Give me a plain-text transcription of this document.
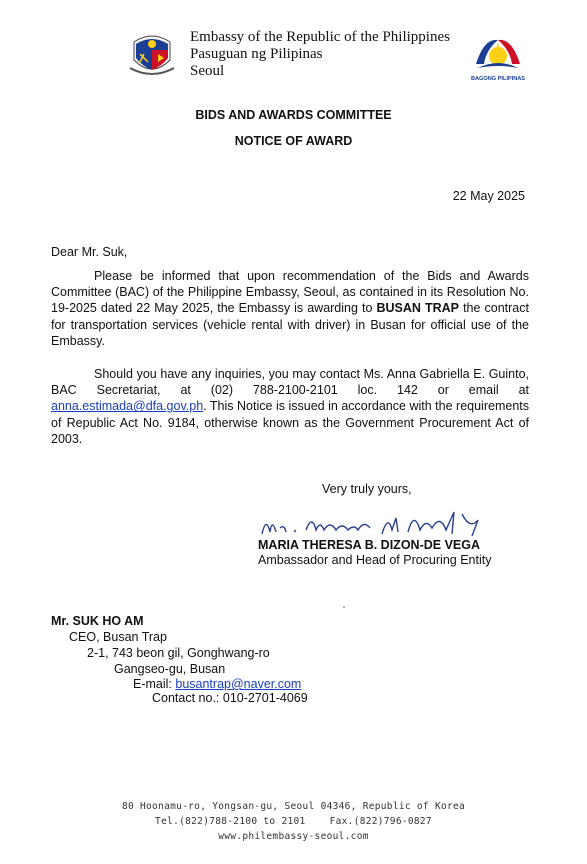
Embassy of the Republic of the Philippines
Pasuguan ng Pilipinas
Seoul	BAGONG PILIPINAS
BIDS AND AWARDS COMMITTEE
NOTICE OF AWARD
22 May 2025
Dear Mr. Suk,
Please be informed that upon recommendation of the Bids and Awards Committee (BAC) of the Philippine Embassy, Seoul, as contained in its Resolution No. 19-2025 dated 22 May 2025, the Embassy is awarding to BUSAN TRAP the contract for transportation services (vehicle rental with driver) in Busan for official use of the Embassy.
Should you have any inquiries, you may contact Ms. Anna Gabriella E. Guinto, BAC Secretariat, at (02) 788-2100-2101 loc. 142 or email at anna.estimada@dfa.gov.ph. This Notice is issued in accordance with the requirements of Republic Act No. 9184, otherwise known as the Government Procurement Act of 2003.
Very truly yours,
MARIA THERESA B. DIZON-DE VEGA
Ambassador and Head of Procuring Entity
Mr. SUK HO AM
CEO, Busan Trap
2-1, 743 beon gil, Gonghwang-ro
Gangseo-gu, Busan
E-mail: busantrap@naver.com
Contact no.: 010-2701-4069
80 Hoonamu-ro, Yongsan-gu, Seoul 04346, Republic of Korea
Tel.(822)788-2100 to 2101    Fax.(822)796-0827
www.philembassy-seoul.com
